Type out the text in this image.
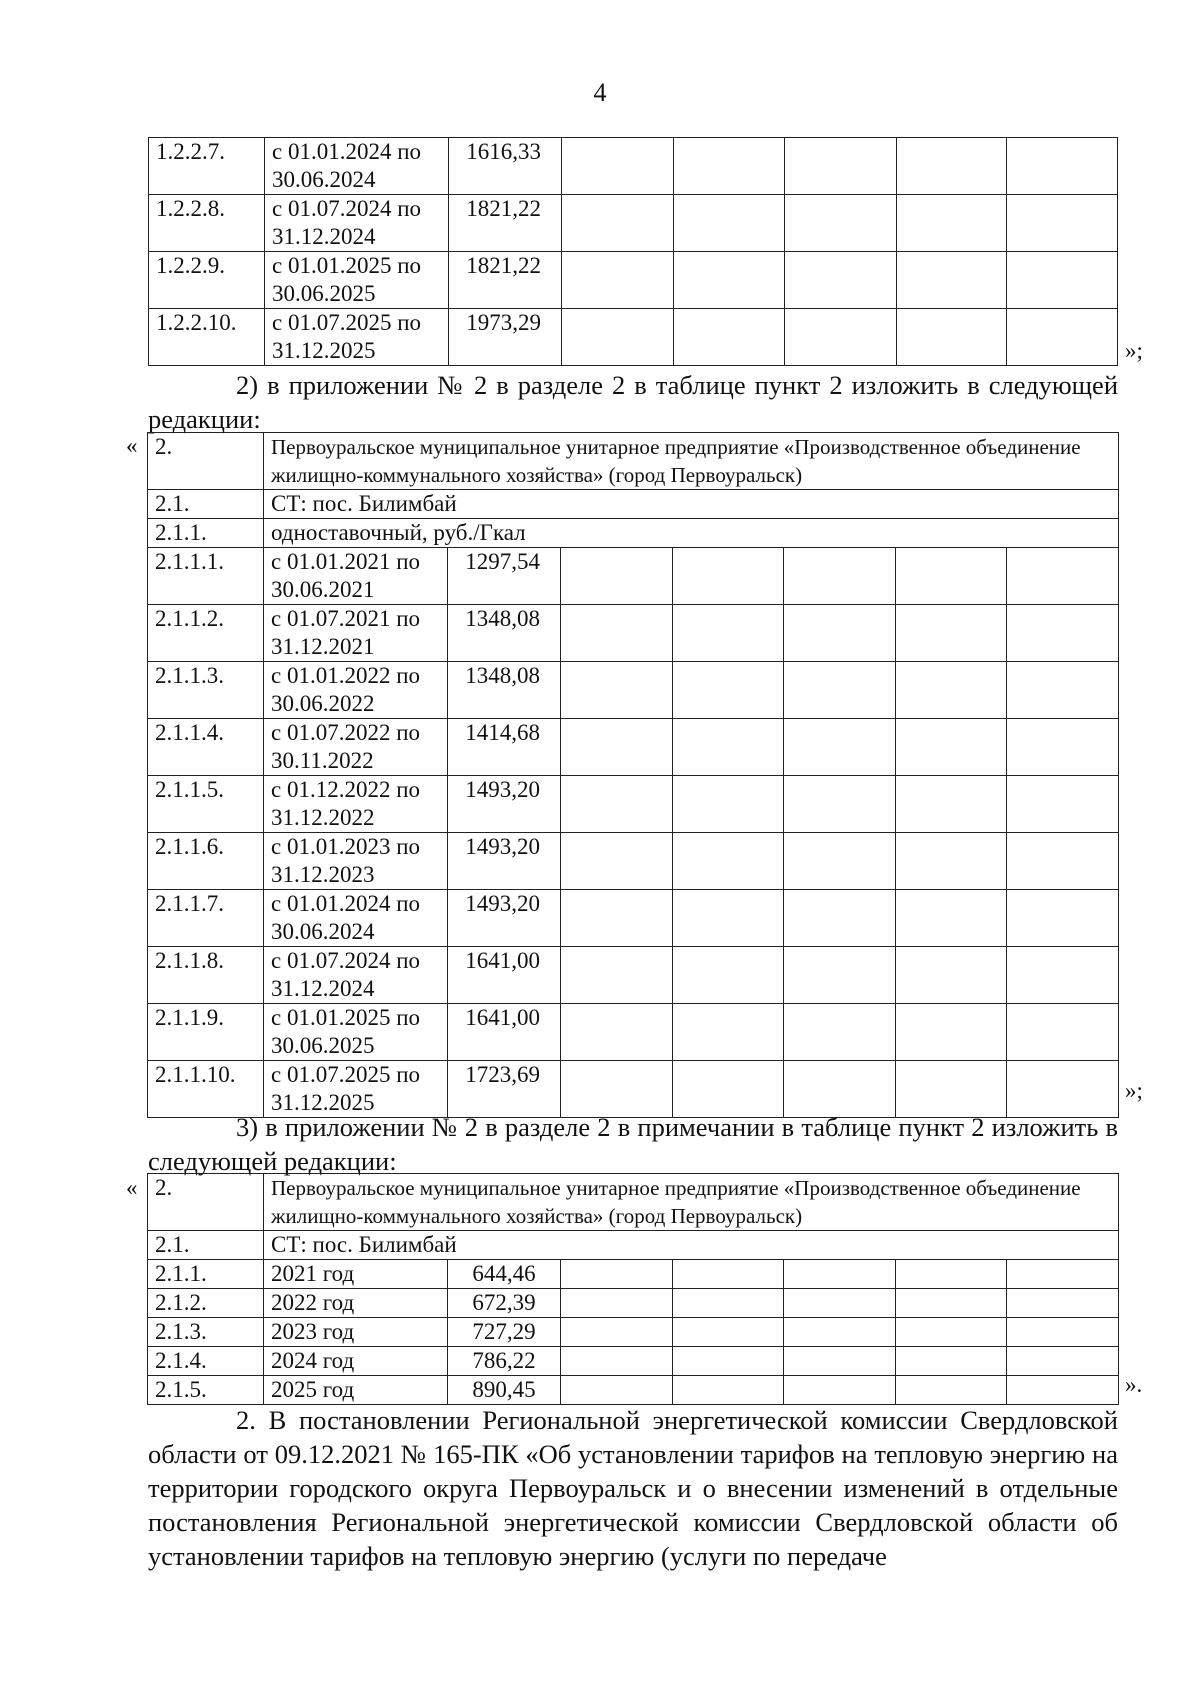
4
1.2.2.7.	с 01.01.2024 по 30.06.2024	1616,33					
1.2.2.8.	с 01.07.2024 по 31.12.2024	1821,22					
1.2.2.9.	с 01.01.2025 по 30.06.2025	1821,22					
1.2.2.10.	с 01.07.2025 по 31.12.2025	1973,29					
»;
2) в приложении № 2 в разделе 2 в таблице пункт 2 изложить в следующей редакции:
« 2.	Первоуральское муниципальное унитарное предприятие «Производственное объединение жилищно-коммунального хозяйства» (город Первоуральск)						
2.1.	СТ: пос. Билимбай						
2.1.1.	одноставочный, руб./Гкал						
2.1.1.1.	с 01.01.2021 по 30.06.2021	1297,54					
2.1.1.2.	с 01.07.2021 по 31.12.2021	1348,08					
2.1.1.3.	с 01.01.2022 по 30.06.2022	1348,08					
2.1.1.4.	с 01.07.2022 по 30.11.2022	1414,68					
2.1.1.5.	с 01.12.2022 по 31.12.2022	1493,20					
2.1.1.6.	с 01.01.2023 по 31.12.2023	1493,20					
2.1.1.7.	с 01.01.2024 по 30.06.2024	1493,20					
2.1.1.8.	с 01.07.2024 по 31.12.2024	1641,00					
2.1.1.9.	с 01.01.2025 по 30.06.2025	1641,00					
2.1.1.10.	с 01.07.2025 по 31.12.2025	1723,69					
»;
3) в приложении № 2 в разделе 2 в примечании в таблице пункт 2 изложить в следующей редакции:
« 2.	Первоуральское муниципальное унитарное предприятие «Производственное объединение жилищно-коммунального хозяйства» (город Первоуральск)						
2.1.	СТ: пос. Билимбай						
2.1.1.	2021 год	644,46					
2.1.2.	2022 год	672,39					
2.1.3.	2023 год	727,29					
2.1.4.	2024 год	786,22					
2.1.5.	2025 год	890,45						».
2. В постановлении Региональной энергетической комиссии Свердловской области от 09.12.2021 № 165-ПК «Об установлении тарифов на тепловую энергию на территории городского округа Первоуральск и о внесении изменений в отдельные постановления Региональной энергетической комиссии Свердловской области об установлении тарифов на тепловую энергию (услуги по передаче
